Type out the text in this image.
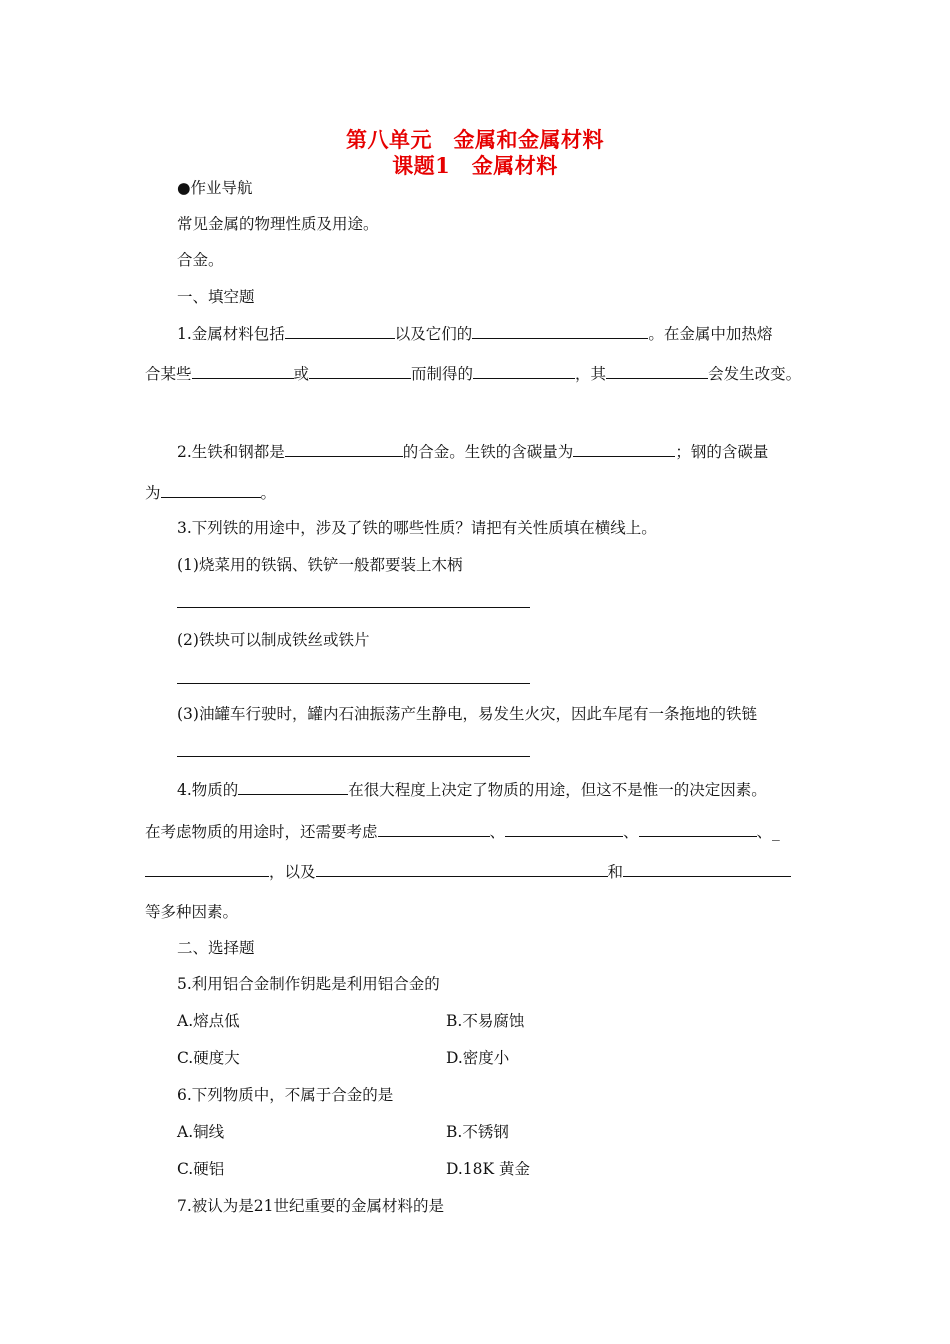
第八单元　金属和金属材料
课题1　金属材料
●作业导航
常见金属的物理性质及用途。
合金。
一、填空题
1.金属材料包括	以及它们的	。在金属中加热熔
合某些	或	而制得的	，其	会发生改变。
2.生铁和钢都是	的合金。生铁的含碳量为	；钢的含碳量
为	。
3.下列铁的用途中，涉及了铁的哪些性质？请把有关性质填在横线上。
(1)烧菜用的铁锅、铁铲一般都要装上木柄
(2)铁块可以制成铁丝或铁片
(3)油罐车行驶时，罐内石油振荡产生静电，易发生火灾，因此车尾有一条拖地的铁链
4.物质的	在很大程度上决定了物质的用途，但这不是惟一的决定因素。
在考虑物质的用途时，还需要考虑	、	、	、_
，以及	和
等多种因素。
二、选择题
5.利用铝合金制作钥匙是利用铝合金的
A.熔点低	B.不易腐蚀
C.硬度大	D.密度小
6.下列物质中，不属于合金的是
A.铜线	B.不锈钢
C.硬铝	D.18K 黄金
7.被认为是21世纪重要的金属材料的是
